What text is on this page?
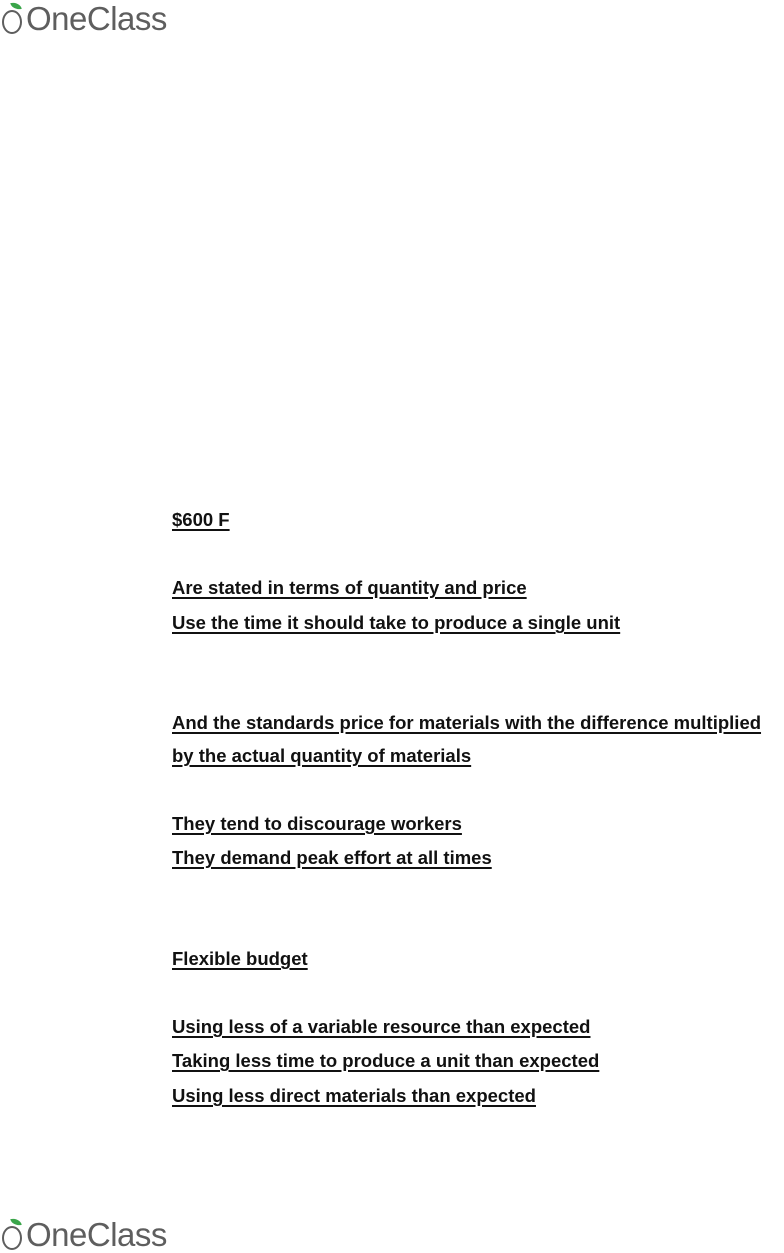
OneClass
$600 F
Are stated in terms of quantity and price
Use the time it should take to produce a single unit
And the standards price for materials with the difference multiplied
by the actual quantity of materials
They tend to discourage workers
They demand peak effort at all times
Flexible budget
Using less of a variable resource than expected
Taking less time to produce a unit than expected
Using less direct materials than expected
OneClass
